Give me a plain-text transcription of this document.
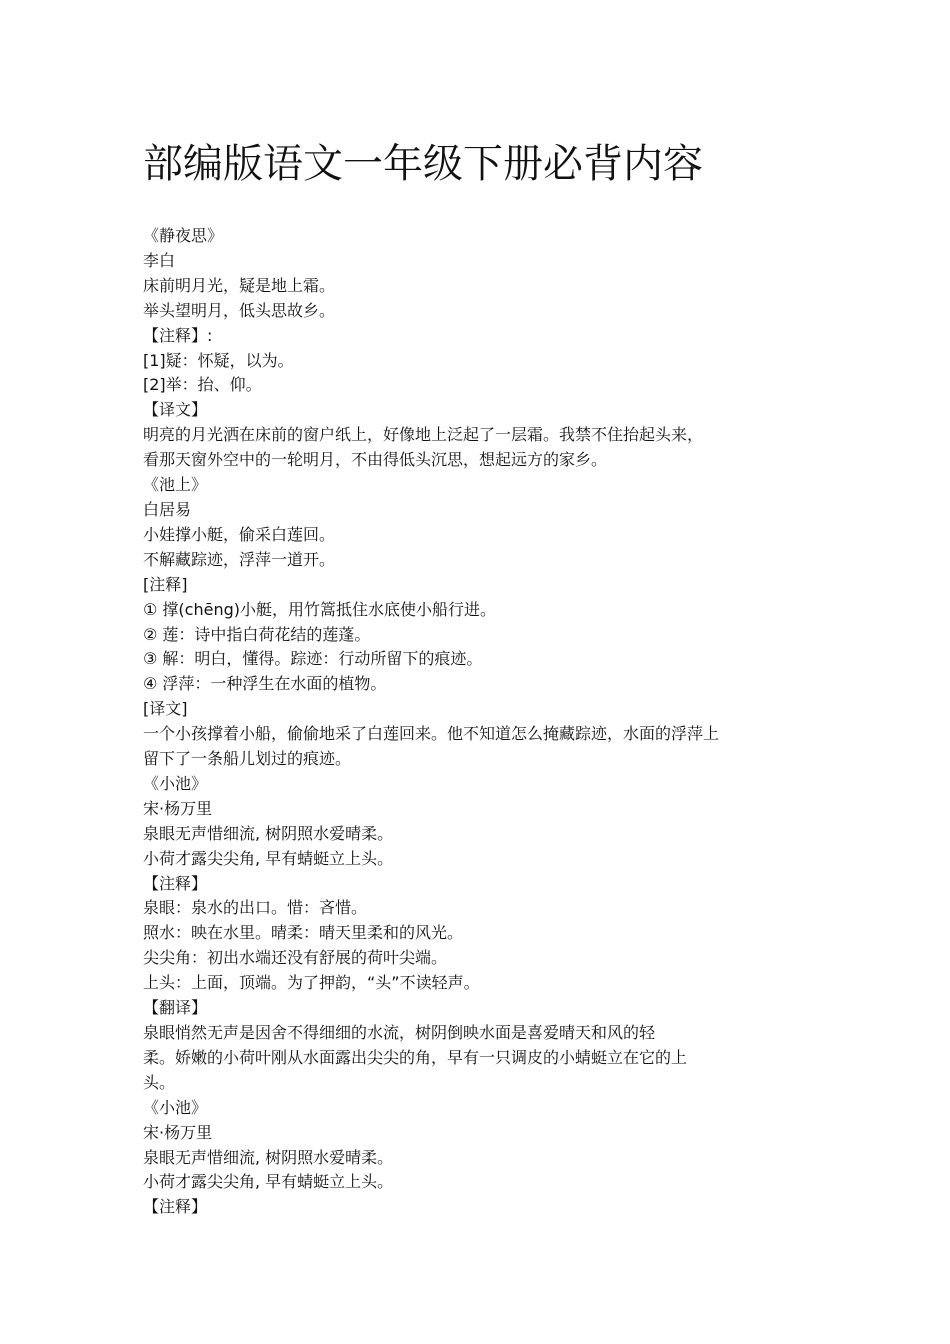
部编版语文一年级下册必背内容
《静夜思》
李白
床前明月光，疑是地上霜。
举头望明月，低头思故乡。
【注释】:
[1]疑：怀疑，以为。
[2]举：抬、仰。
【译文】
明亮的月光洒在床前的窗户纸上，好像地上泛起了一层霜。我禁不住抬起头来，
看那天窗外空中的一轮明月，不由得低头沉思，想起远方的家乡。
《池上》
白居易
小娃撑小艇，偷采白莲回。
不解藏踪迹，浮萍一道开。
[注释]
① 撑(chēng)小艇，用竹篙抵住水底使小船行进。
② 莲：诗中指白荷花结的莲蓬。
③ 解：明白，懂得。踪迹：行动所留下的痕迹。
④ 浮萍：一种浮生在水面的植物。
[译文]
一个小孩撑着小船，偷偷地采了白莲回来。他不知道怎么掩藏踪迹，水面的浮萍上
留下了一条船儿划过的痕迹。
《小池》
宋·杨万里
泉眼无声惜细流, 树阴照水爱晴柔。
小荷才露尖尖角, 早有蜻蜓立上头。
【注释】
泉眼：泉水的出口。惜：吝惜。
照水：映在水里。晴柔：晴天里柔和的风光。
尖尖角：初出水端还没有舒展的荷叶尖端。
上头：上面，顶端。为了押韵，“头”不读轻声。
【翻译】
泉眼悄然无声是因舍不得细细的水流，树阴倒映水面是喜爱晴天和风的轻
柔。娇嫩的小荷叶刚从水面露出尖尖的角，早有一只调皮的小蜻蜓立在它的上
头。
《小池》
宋·杨万里
泉眼无声惜细流, 树阴照水爱晴柔。
小荷才露尖尖角, 早有蜻蜓立上头。
【注释】
